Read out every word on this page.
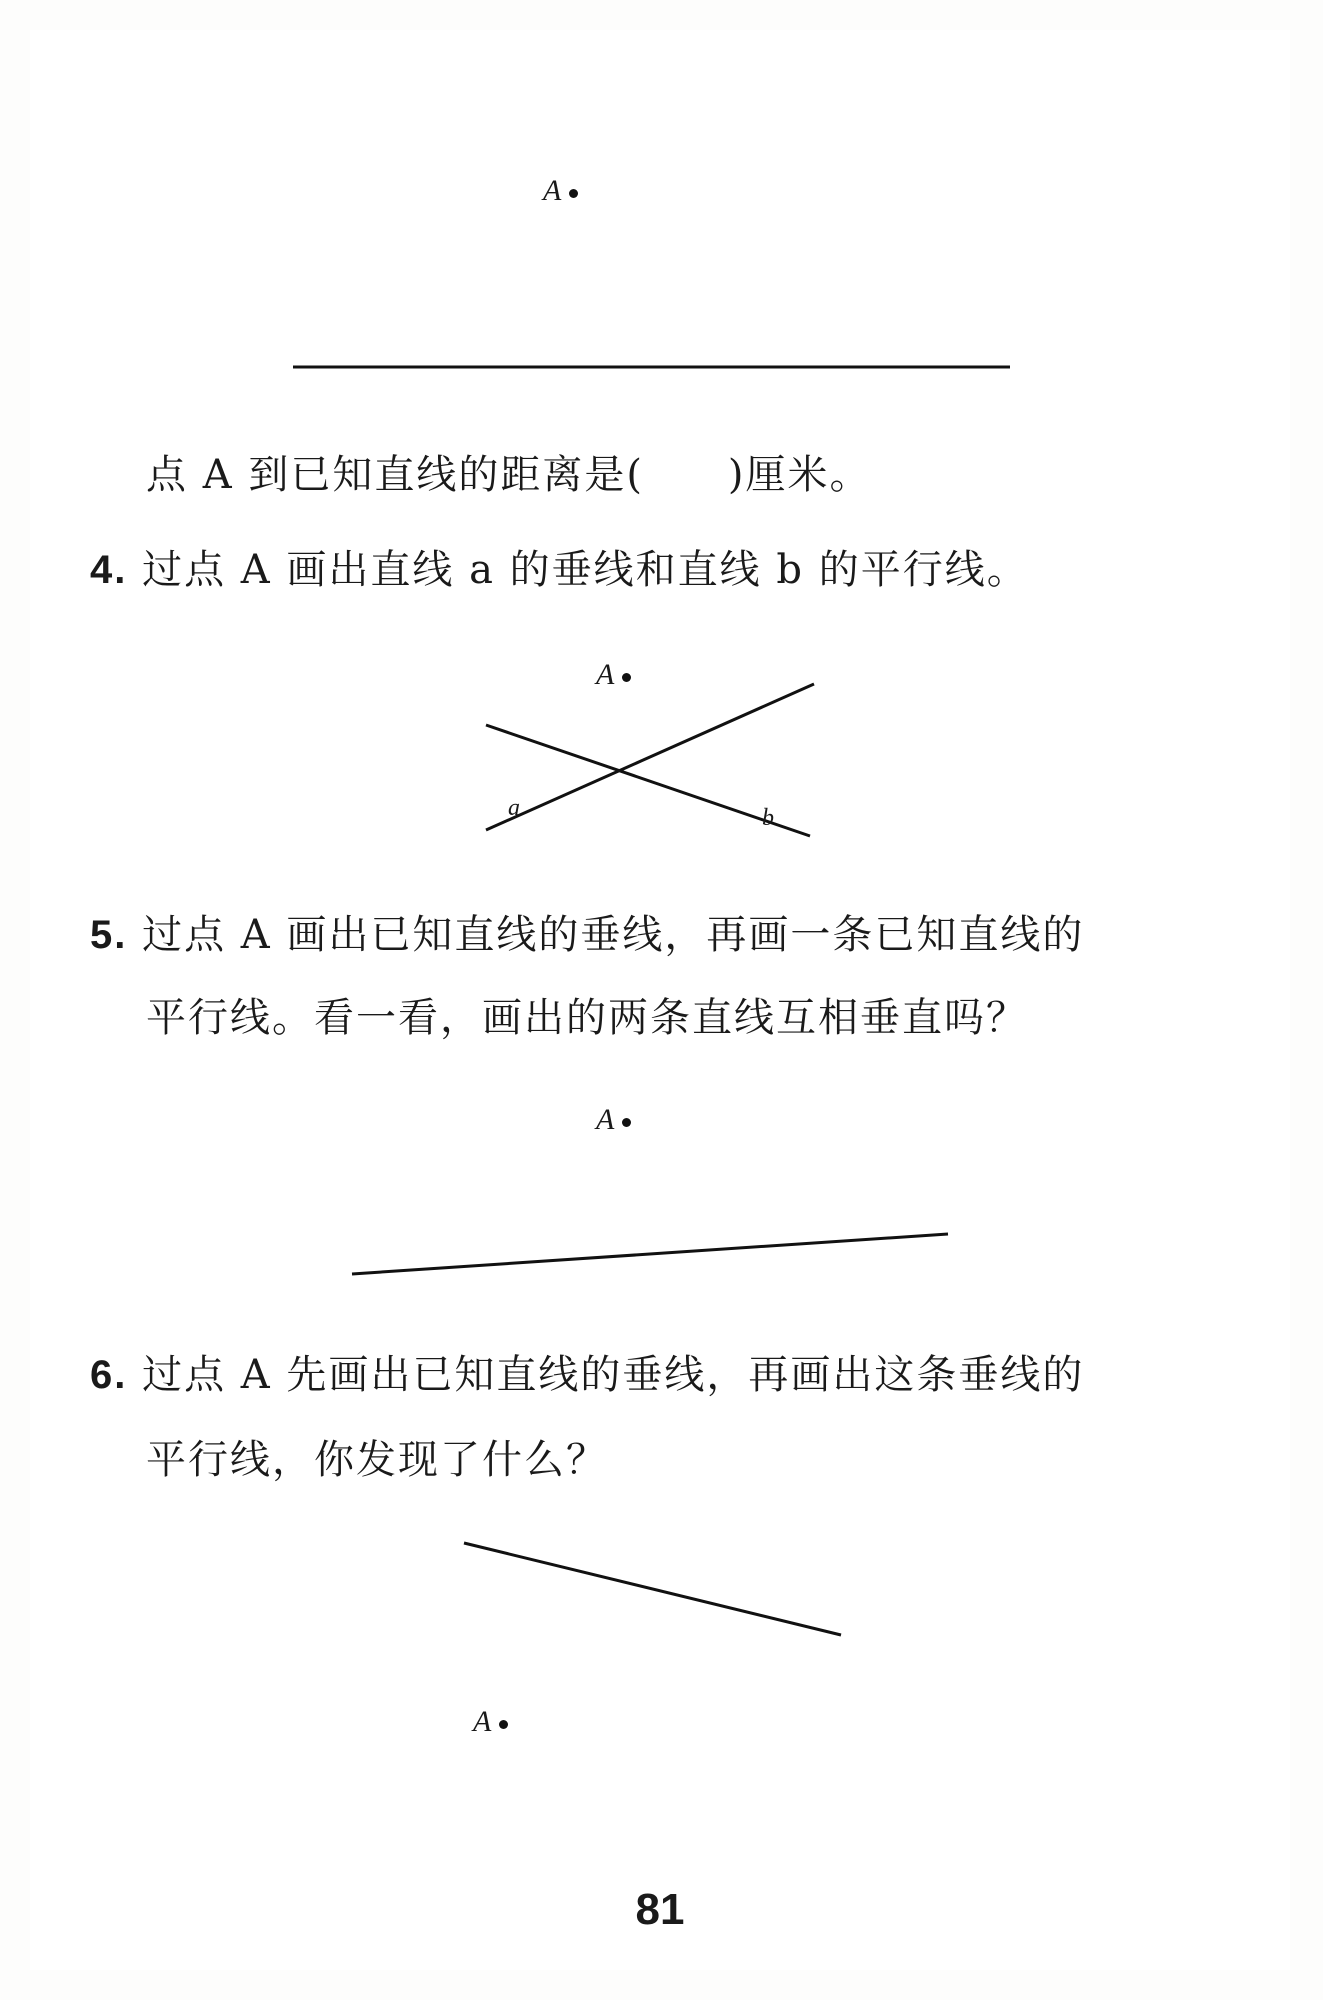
A
点 A 到已知直线的距离是(　　)厘米。
4. 过点 A 画出直线 a 的垂线和直线 b 的平行线。
A
a	b
5. 过点 A 画出已知直线的垂线，再画一条已知直线的
平行线。看一看，画出的两条直线互相垂直吗？
A
6. 过点 A 先画出已知直线的垂线，再画出这条垂线的
平行线，你发现了什么？
A
81
